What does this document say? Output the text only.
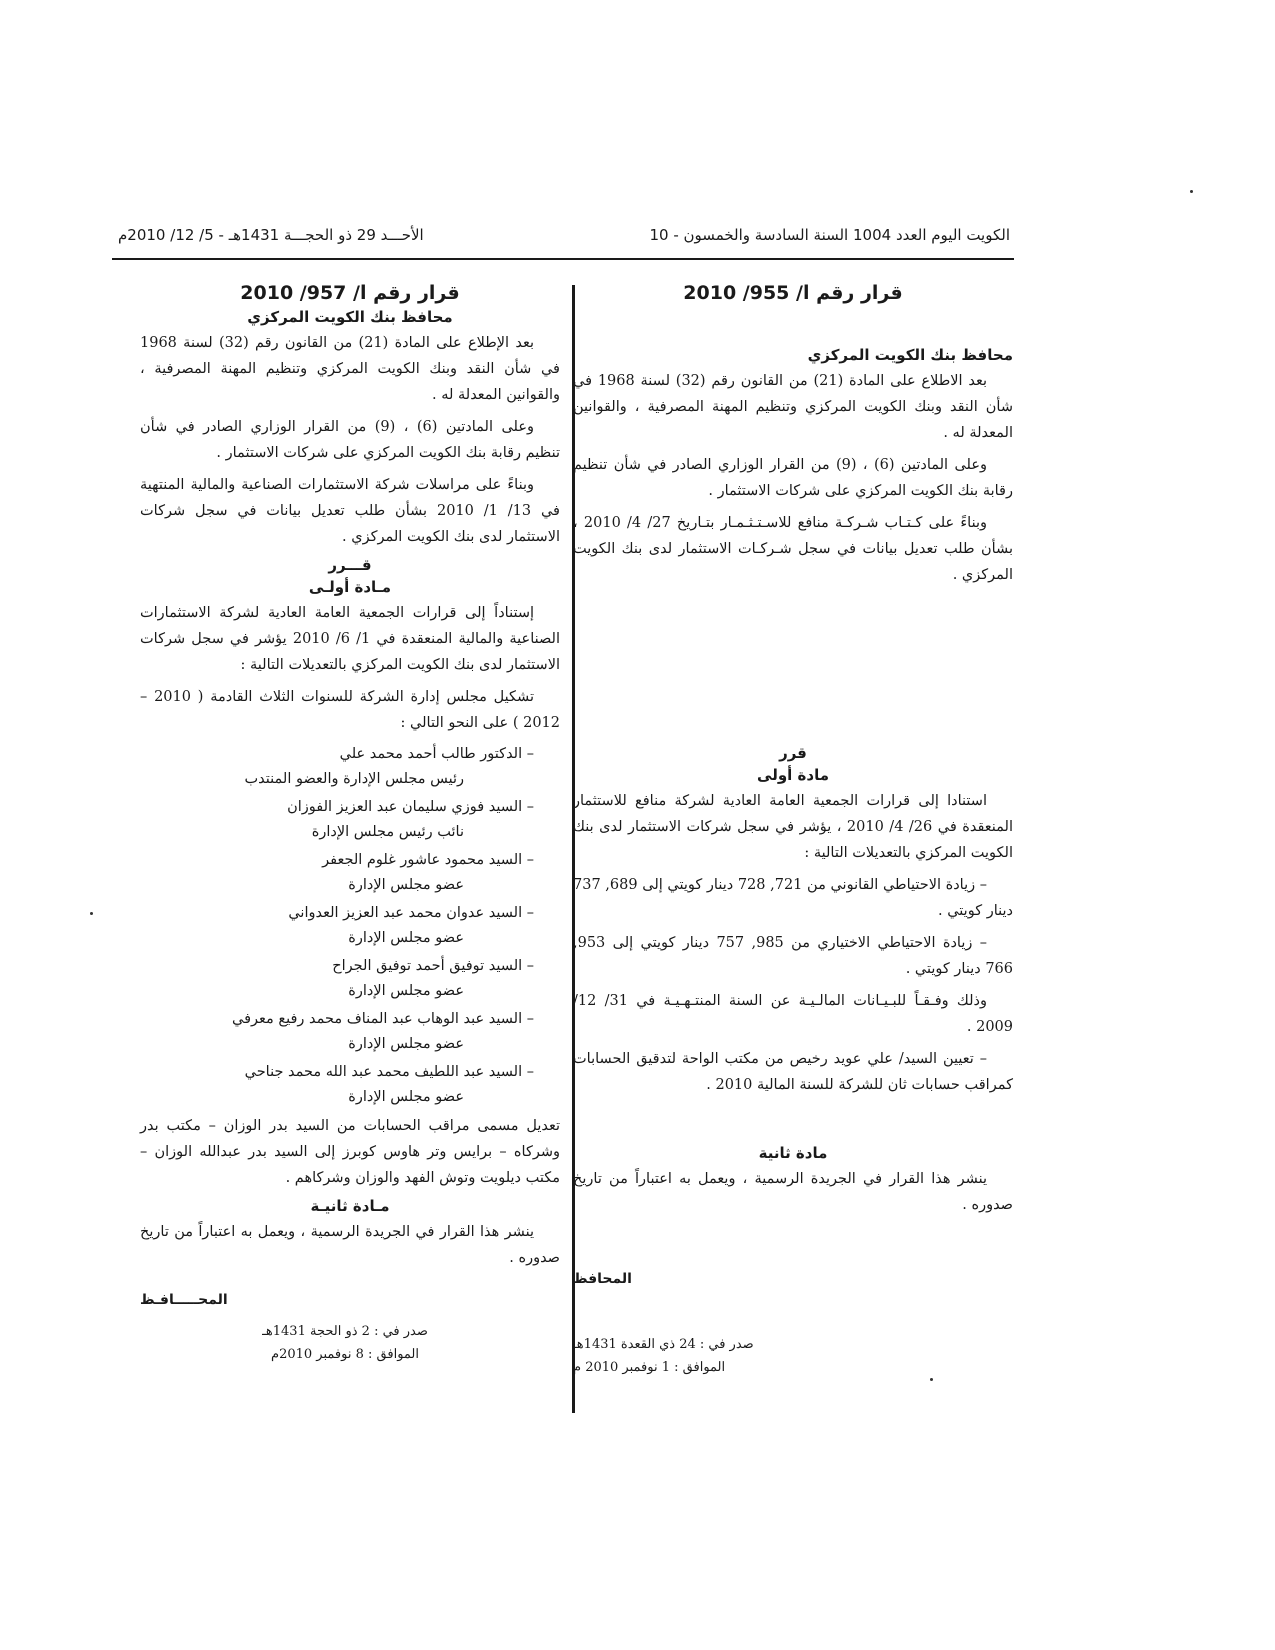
الكويت اليوم العدد 1004 السنة السادسة والخمسون - 10
الأحـــد 29 ذو الحجـــة 1431هـ - 5/ 12/ 2010م
قرار رقم ا/ 955/ 2010
محافظ بنك الكويت المركزي

بعد الاطلاع على المادة (21) من القانون رقم (32) لسنة 1968 في شأن النقد وبنك الكويت المركزي وتنظيم المهنة المصرفية ، والقوانين المعدلة له .

وعلى المادتين (6) ، (9) من القرار الوزاري الصادر في شأن تنظيم رقابة بنك الكويت المركزي على شركات الاستثمار .

وبناءً على كـتـاب شـركـة منافع للاسـتـثـمـار بتـاريخ 27/ 4/ 2010 ، بشأن طلب تعديل بيانات في سجل شـركـات الاستثمار لدى بنك الكويت المركزي .

قرر
مادة أولى

استنادا إلى قرارات الجمعية العامة العادية لشركة منافع للاستثمار المنعقدة في 26/ 4/ 2010 ، يؤشر في سجل شركات الاستثمار لدى بنك الكويت المركزي بالتعديلات التالية :

– زيادة الاحتياطي القانوني من 721, 728 دينار كويتي إلى 689, 737 دينار كويتي .

– زيادة الاحتياطي الاختياري من 985, 757 دينار كويتي إلى 953, 766 دينار كويتي .

وذلك وفـقـاً للبـيـانات المالـيـة عن السنة المنتـهـيـة في 31/ 12/ 2009 .

– تعيين السيد/ علي عويد رخيص من مكتب الواحة لتدقيق الحسابات كمراقب حسابات ثان للشركة للسنة المالية 2010 .

مادة ثانية

ينشر هذا القرار في الجريدة الرسمية ، ويعمل به اعتباراً من تاريخ صدوره .

المحافظ

صدر في : 24 ذي القعدة 1431هـ

الموافق : 1 نوفمبر 2010 م

قرار رقم ا/ 957/ 2010
محافظ بنك الكويت المركزي

بعد الإطلاع على المادة (21) من القانون رقم (32) لسنة 1968 في شأن النقد وبنك الكويت المركزي وتنظيم المهنة المصرفية ، والقوانين المعدلة له .

وعلى المادتين (6) ، (9) من القرار الوزاري الصادر في شأن تنظيم رقابة بنك الكويت المركزي على شركات الاستثمار .

وبناءً على مراسلات شركة الاستثمارات الصناعية والمالية المنتهية في 13/ 1/ 2010 بشأن طلب تعديل بيانات في سجل شركات الاستثمار لدى بنك الكويت المركزي .

قـــرر
مـادة أولـى

إستناداً إلى قرارات الجمعية العامة العادية لشركة الاستثمارات الصناعية والمالية المنعقدة في 1/ 6/ 2010 يؤشر في سجل شركات الاستثمار لدى بنك الكويت المركزي بالتعديلات التالية :

تشكيل مجلس إدارة الشركة للسنوات الثلاث القادمة ( 2010 – 2012 ) على النحو التالي :

– الدكتور طالب أحمد محمد علي

رئيس مجلس الإدارة والعضو المنتدب

– السيد فوزي سليمان عبد العزيز الفوزان

نائب رئيس مجلس الإدارة

– السيد محمود عاشور غلوم الجعفر

عضو مجلس الإدارة

– السيد عدوان محمد عبد العزيز العدواني

عضو مجلس الإدارة

– السيد توفيق أحمد توفيق الجراح

عضو مجلس الإدارة

– السيد عبد الوهاب عبد المناف محمد رفيع معرفي

عضو مجلس الإدارة

– السيد عبد اللطيف محمد عبد الله محمد جناحي

عضو مجلس الإدارة

تعديل مسمى مراقب الحسابات من السيد بدر الوزان – مكتب بدر وشركاه – برايس وتر هاوس كوبرز إلى السيد بدر عبدالله الوزان – مكتب ديلويت وتوش الفهد والوزان وشركاهم .

مـادة ثانيـة

ينشر هذا القرار في الجريدة الرسمية ، ويعمل به اعتباراً من تاريخ صدوره .

المحـــــافـظ

صدر في : 2 ذو الحجة 1431هـ

الموافق : 8 نوفمبر 2010م
